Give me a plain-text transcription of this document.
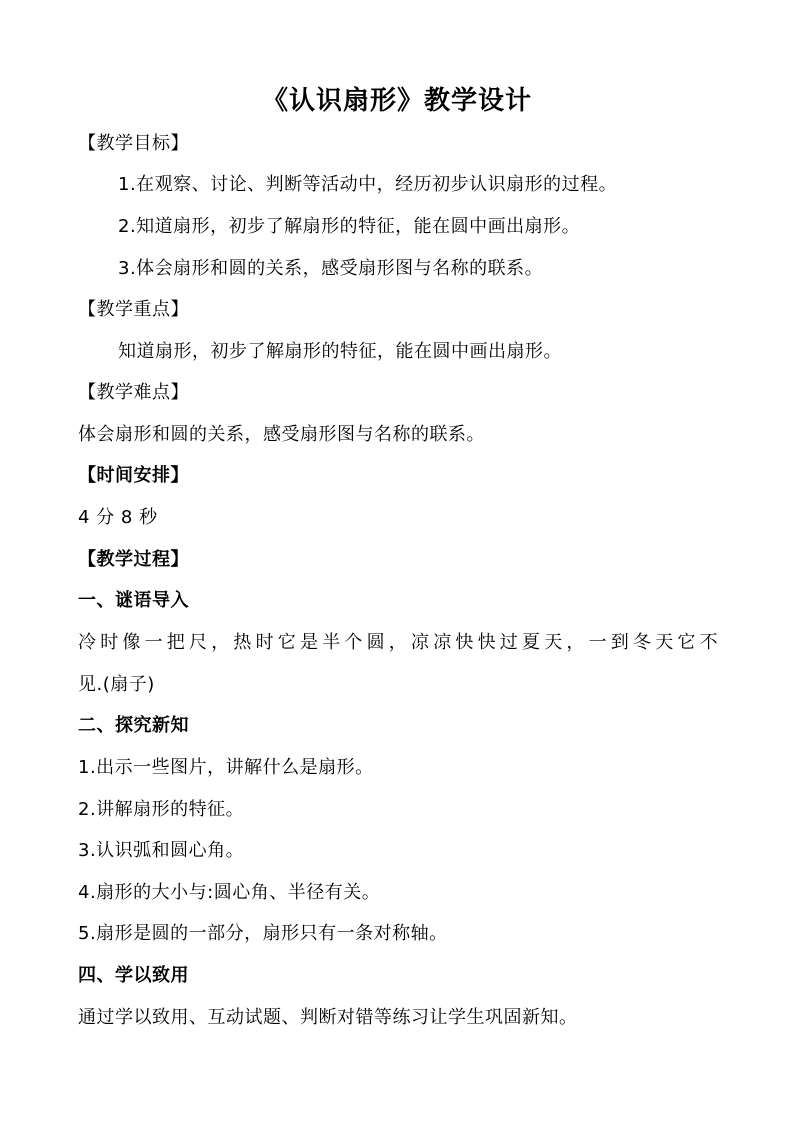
《认识扇形》教学设计
【教学目标】
1.在观察、讨论、判断等活动中，经历初步认识扇形的过程。
2.知道扇形，初步了解扇形的特征，能在圆中画出扇形。
3.体会扇形和圆的关系，感受扇形图与名称的联系。
【教学重点】
知道扇形，初步了解扇形的特征，能在圆中画出扇形。
【教学难点】
体会扇形和圆的关系，感受扇形图与名称的联系。
【时间安排】
4 分 8 秒
【教学过程】
一、谜语导入
冷时像一把尺，热时它是半个圆，凉凉快快过夏天，一到冬天它不
见.(扇子)
二、探究新知
1.出示一些图片，讲解什么是扇形。
2.讲解扇形的特征。
3.认识弧和圆心角。
4.扇形的大小与:圆心角、半径有关。
5.扇形是圆的一部分，扇形只有一条对称轴。
四、学以致用
通过学以致用、互动试题、判断对错等练习让学生巩固新知。
